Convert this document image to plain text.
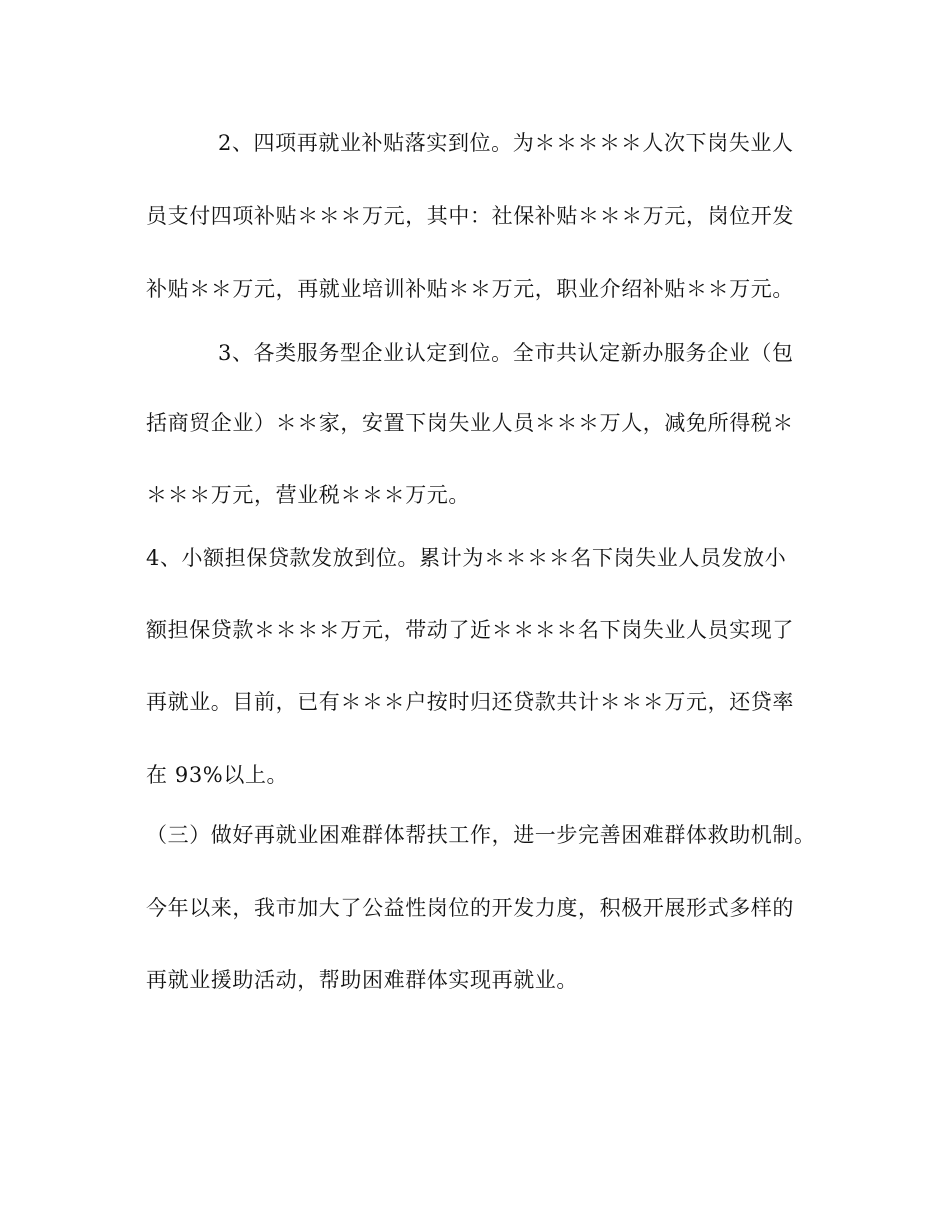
2、四项再就业补贴落实到位。为＊＊＊＊＊人次下岗失业人
员支付四项补贴＊＊＊万元，其中：社保补贴＊＊＊万元，岗位开发
补贴＊＊万元，再就业培训补贴＊＊万元，职业介绍补贴＊＊万元。
3、各类服务型企业认定到位。全市共认定新办服务企业（包
括商贸企业）＊＊家，安置下岗失业人员＊＊＊万人，减免所得税＊
＊＊＊万元，营业税＊＊＊万元。
4、小额担保贷款发放到位。累计为＊＊＊＊名下岗失业人员发放小
额担保贷款＊＊＊＊万元，带动了近＊＊＊＊名下岗失业人员实现了
再就业。目前，已有＊＊＊户按时归还贷款共计＊＊＊万元，还贷率
在 93%以上。
（三）做好再就业困难群体帮扶工作，进一步完善困难群体救助机制。
今年以来，我市加大了公益性岗位的开发力度，积极开展形式多样的
再就业援助活动，帮助困难群体实现再就业。
